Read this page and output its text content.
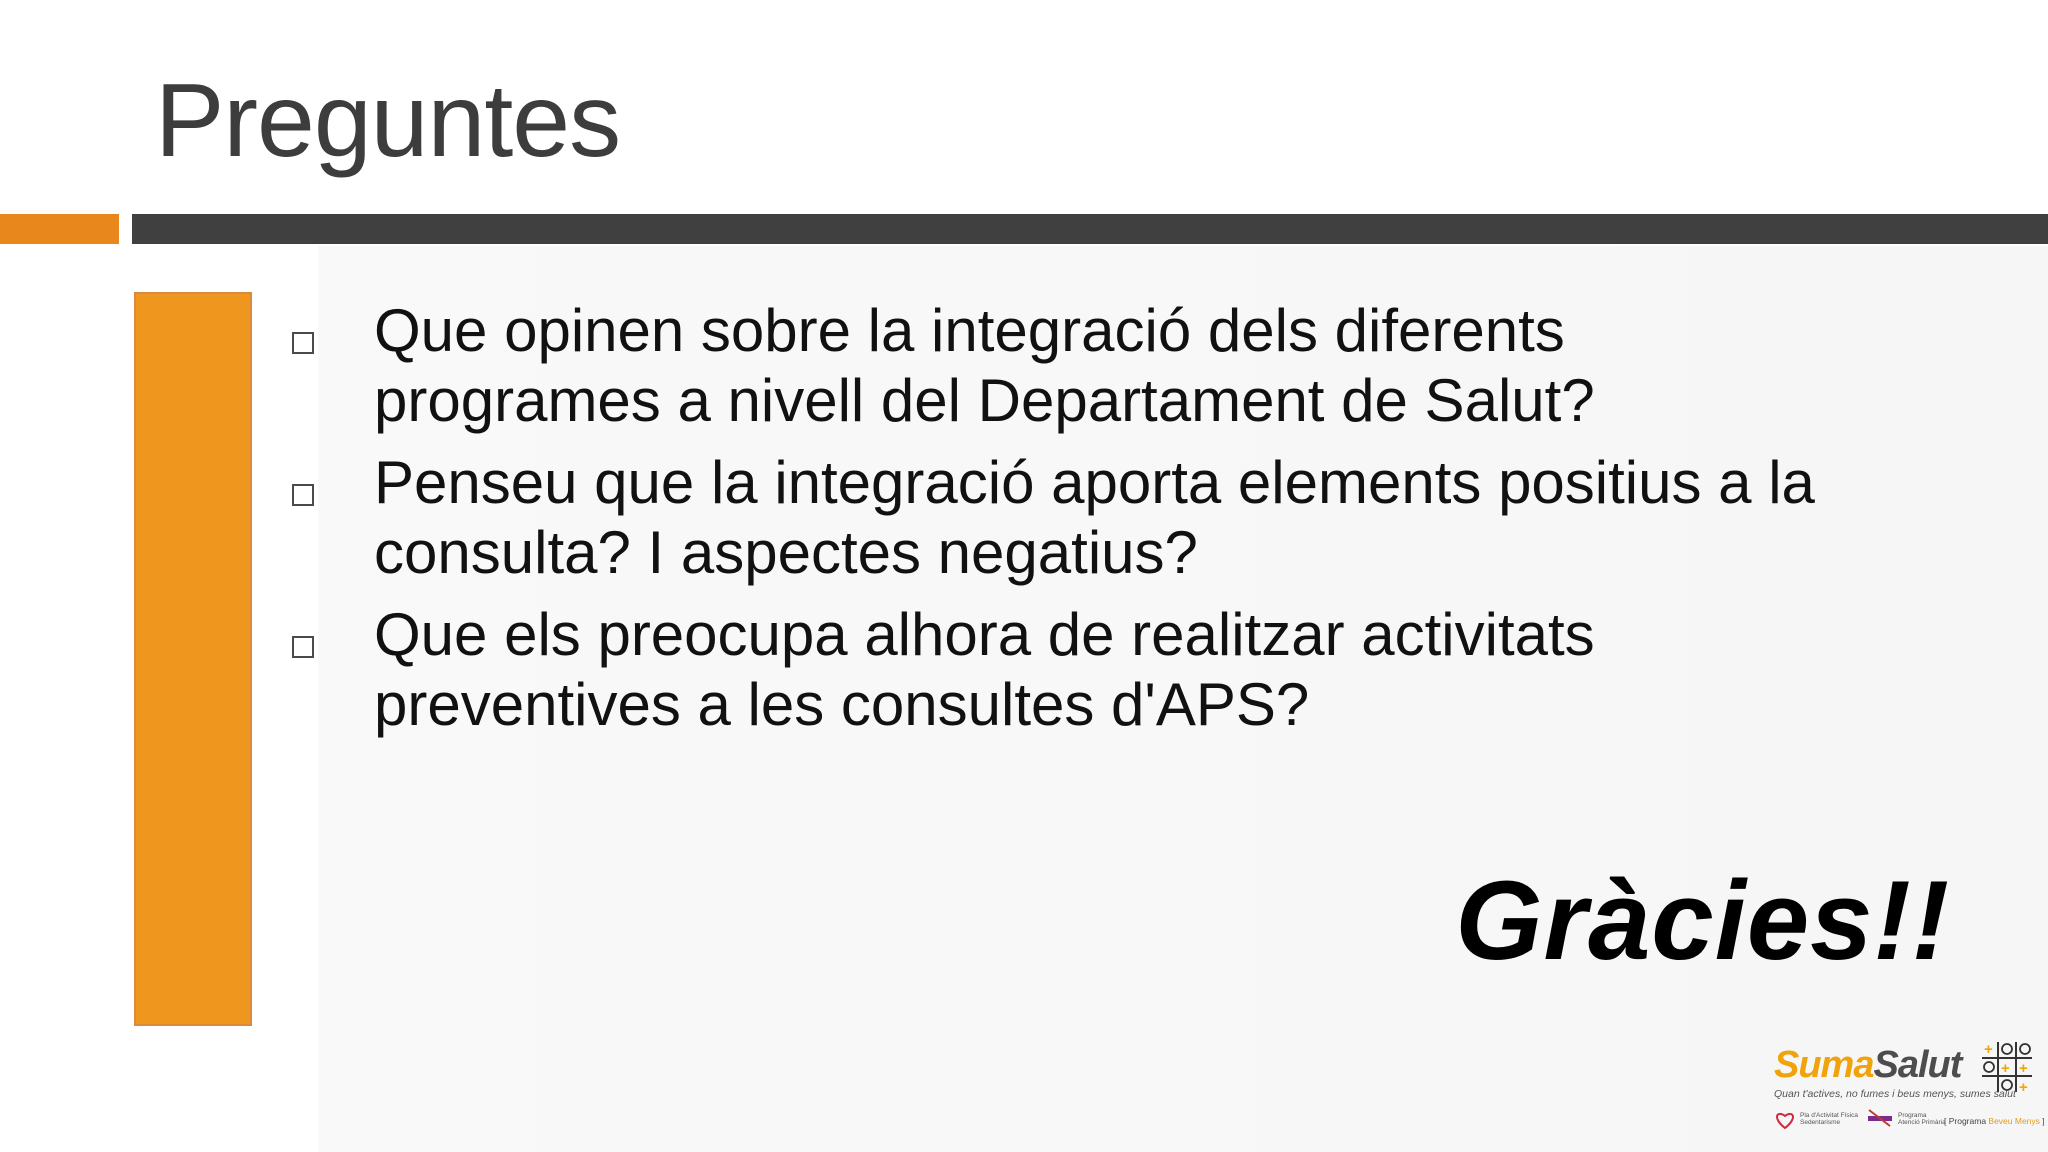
Preguntes
Que opinen sobre la integració dels diferents
programes a nivell del Departament de Salut?
Penseu que la integració aporta elements positius a la
consulta? I aspectes negatius?
Que els preocupa alhora de realitzar activitats
preventives a les consultes d'APS?

Gràcies!!

SumaSalut +
+ +
+
Quan t'actives, no fumes i beus menys, sumes salut
Pla d'Activitat Física
Sedentarisme
Programa
Atenció Primària
[ Programa Beveu Menys ]
